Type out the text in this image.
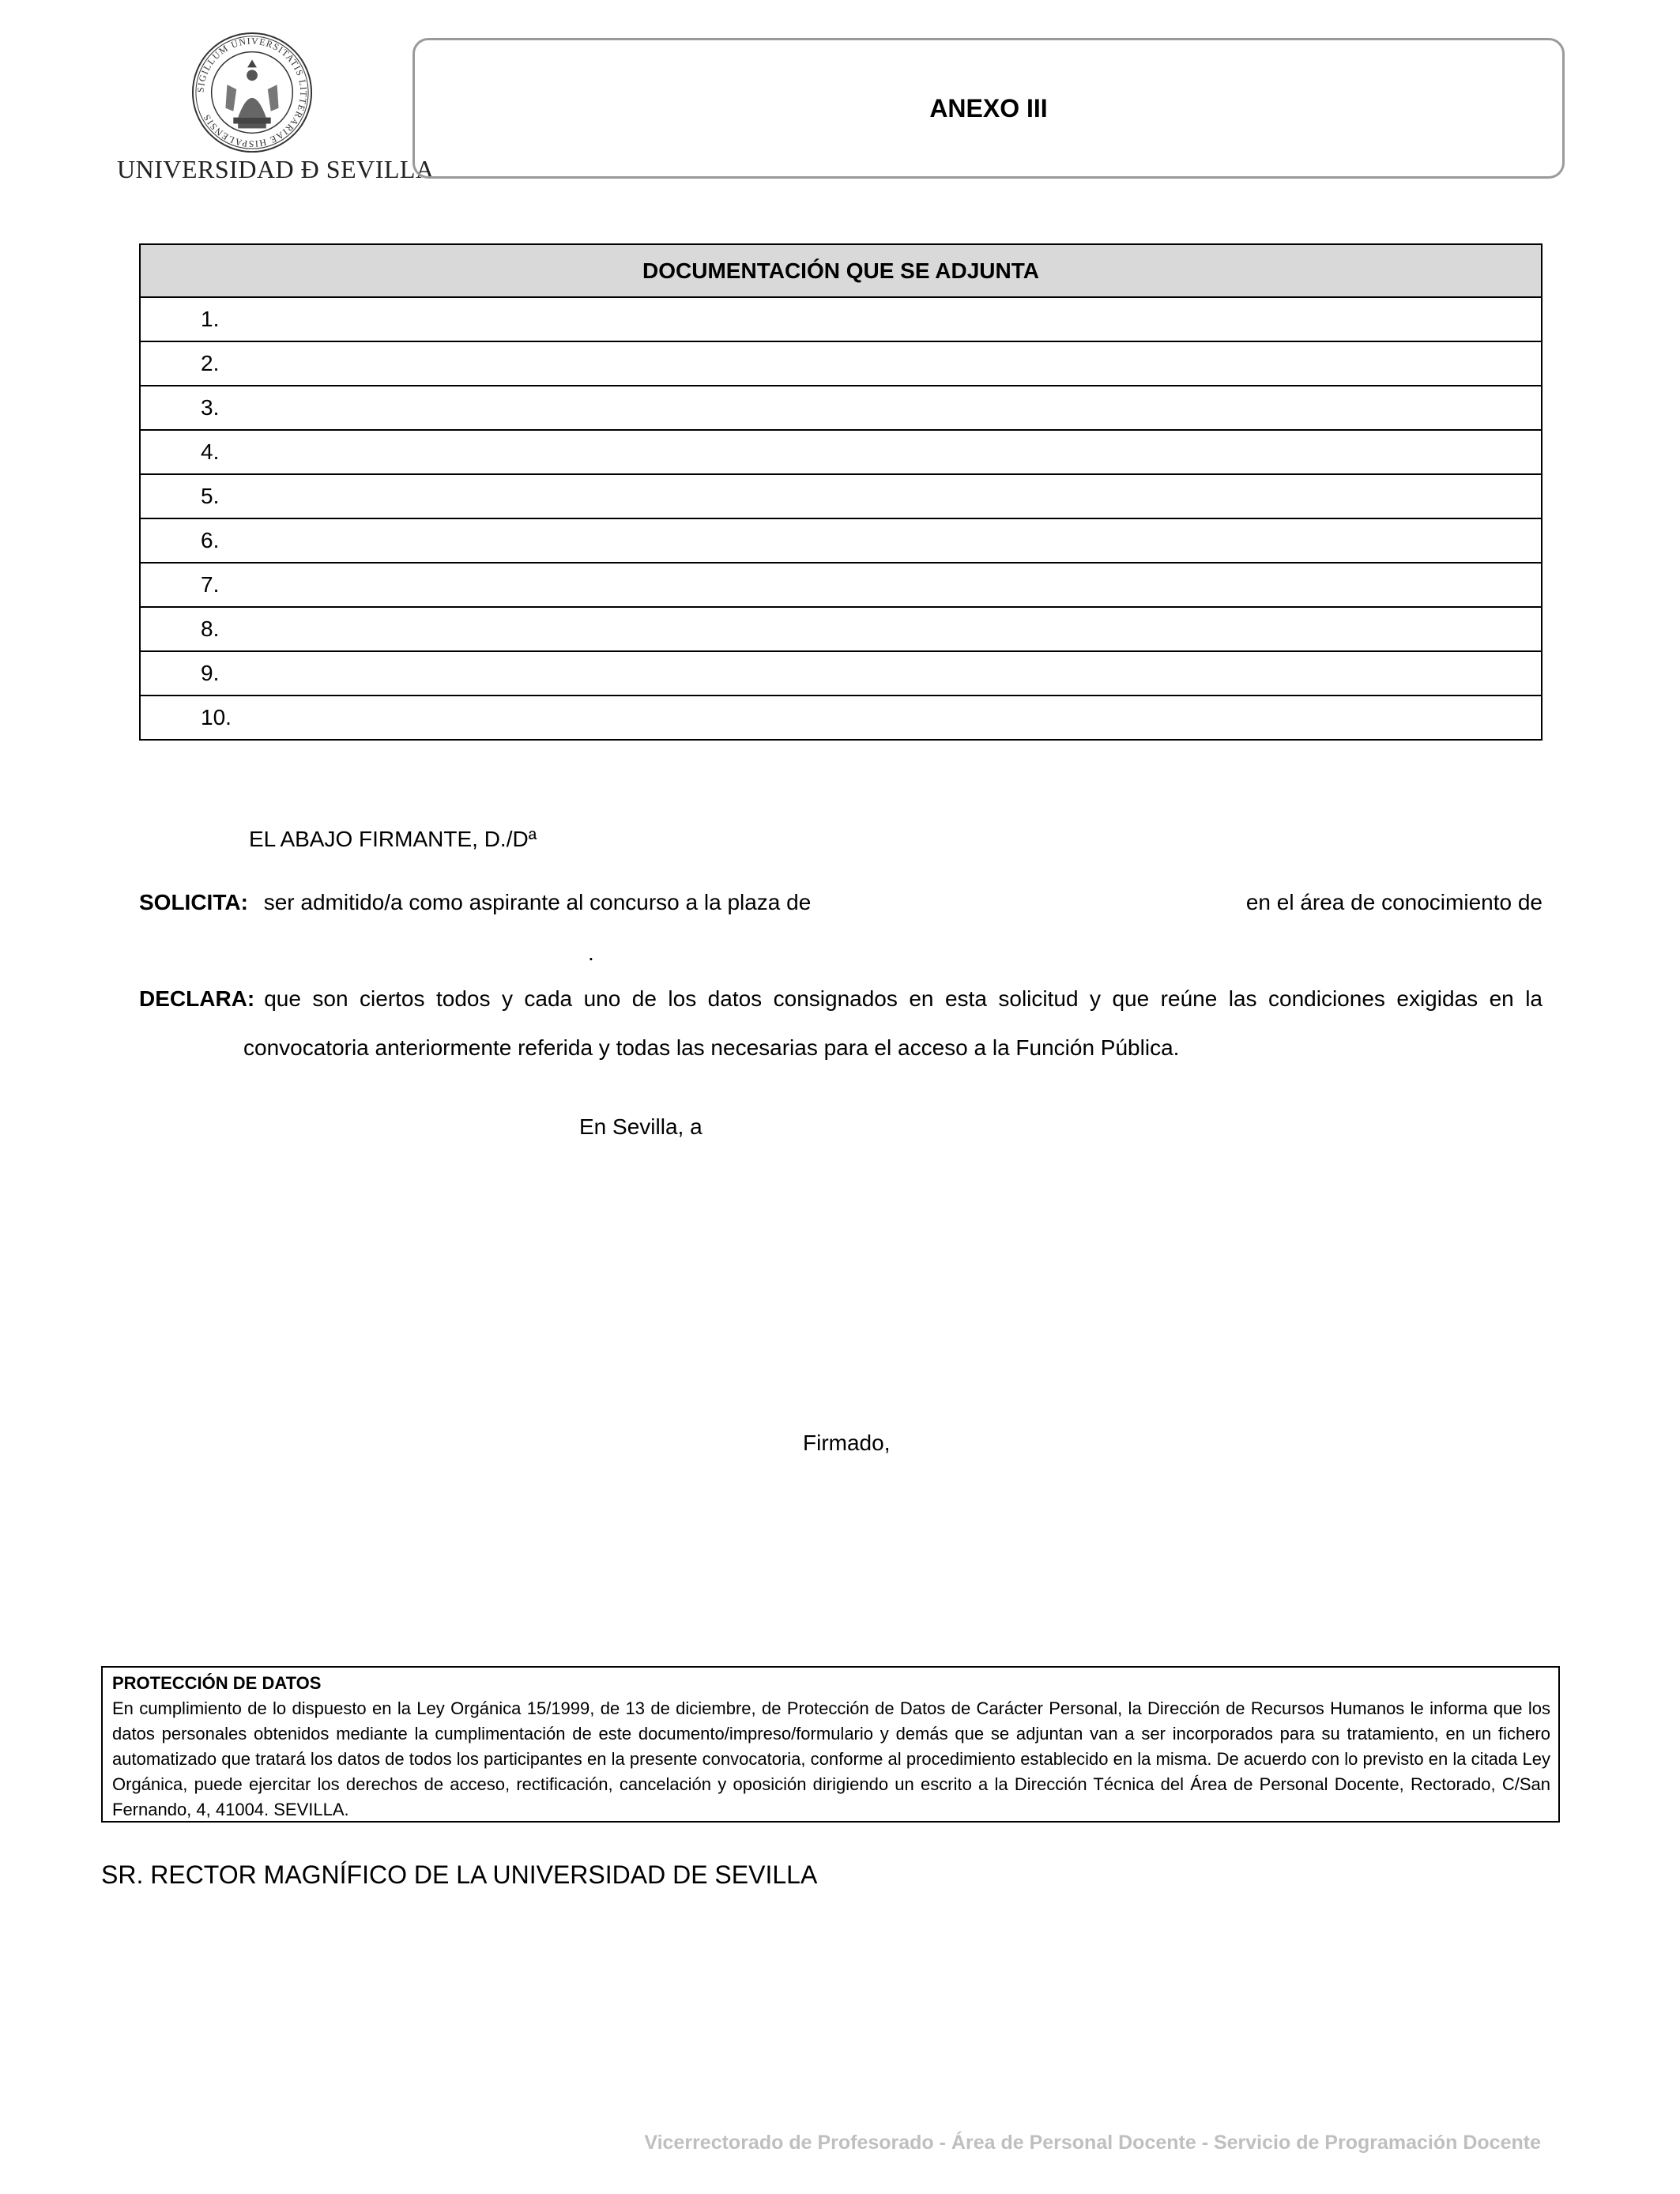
SIGILLUM UNIVERSITATIS LITTERARIAE HISPALENSIS
UNIVERSIDAD Ð SEVILLA
ANEXO III
DOCUMENTACIÓN QUE SE ADJUNTA
1.
2.
3.
4.
5.
6.
7.
8.
9.
10.
EL ABAJO FIRMANTE, D./Dª
SOLICITA: ser admitido/a como aspirante al concurso a la plaza de	en el área de conocimiento de
.
DECLARA: que son ciertos todos y cada uno de los datos consignados en esta solicitud y que reúne las condiciones exigidas en la
convocatoria anteriormente referida y todas las necesarias para el acceso a la Función Pública.
En Sevilla, a
Firmado,
PROTECCIÓN DE DATOS
En cumplimiento de lo dispuesto en la Ley Orgánica 15/1999, de 13 de diciembre, de Protección de Datos de Carácter Personal, la Dirección de Recursos Humanos le informa que los datos personales obtenidos mediante la cumplimentación de este documento/impreso/formulario y demás que se adjuntan van a ser incorporados para su tratamiento, en un fichero automatizado que tratará los datos de todos los participantes en la presente convocatoria, conforme al procedimiento establecido en la misma. De acuerdo con lo previsto en la citada Ley Orgánica, puede ejercitar los derechos de acceso, rectificación, cancelación y oposición dirigiendo un escrito a la Dirección Técnica del Área de Personal Docente, Rectorado, C/San Fernando, 4, 41004. SEVILLA.
SR. RECTOR MAGNÍFICO DE LA UNIVERSIDAD DE SEVILLA
Vicerrectorado de Profesorado - Área de Personal Docente - Servicio de Programación Docente
